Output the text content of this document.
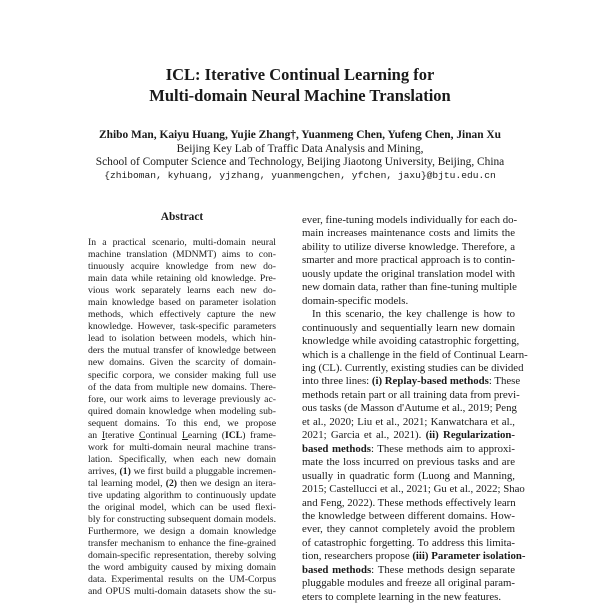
ICL: Iterative Continual Learning for
Multi-domain Neural Machine Translation
Zhibo Man, Kaiyu Huang, Yujie Zhang†, Yuanmeng Chen, Yufeng Chen, Jinan Xu
Beijing Key Lab of Traffic Data Analysis and Mining,
School of Computer Science and Technology, Beijing Jiaotong University, Beijing, China
{zhiboman, kyhuang, yjzhang, yuanmengchen, yfchen, jaxu}@bjtu.edu.cn
Abstract
In a practical scenario, multi-domain neural
machine translation (MDNMT) aims to con-
tinuously acquire knowledge from new do-
main data while retaining old knowledge. Pre-
vious work separately learns each new do-
main knowledge based on parameter isolation
methods, which effectively capture the new
knowledge. However, task-specific parameters
lead to isolation between models, which hin-
ders the mutual transfer of knowledge between
new domains. Given the scarcity of domain-
specific corpora, we consider making full use
of the data from multiple new domains. There-
fore, our work aims to leverage previously ac-
quired domain knowledge when modeling sub-
sequent domains. To this end, we propose
an Iterative Continual Learning (ICL) frame-
work for multi-domain neural machine trans-
lation. Specifically, when each new domain
arrives, (1) we first build a pluggable incremen-
tal learning model, (2) then we design an itera-
tive updating algorithm to continuously update
the original model, which can be used flexi-
bly for constructing subsequent domain models.
Furthermore, we design a domain knowledge
transfer mechanism to enhance the fine-grained
domain-specific representation, thereby solving
the word ambiguity caused by mixing domain
data. Experimental results on the UM-Corpus
and OPUS multi-domain datasets show the su-
ever, fine-tuning models individually for each do-
main increases maintenance costs and limits the
ability to utilize diverse knowledge. Therefore, a
smarter and more practical approach is to contin-
uously update the original translation model with
new domain data, rather than fine-tuning multiple
domain-specific models.
In this scenario, the key challenge is how to
continuously and sequentially learn new domain
knowledge while avoiding catastrophic forgetting,
which is a challenge in the field of Continual Learn-
ing (CL). Currently, existing studies can be divided
into three lines: (i) Replay-based methods: These
methods retain part or all training data from previ-
ous tasks (de Masson d'Autume et al., 2019; Peng
et al., 2020; Liu et al., 2021; Kanwatchara et al.,
2021; Garcia et al., 2021). (ii) Regularization-
based methods: These methods aim to approxi-
mate the loss incurred on previous tasks and are
usually in quadratic form (Luong and Manning,
2015; Castellucci et al., 2021; Gu et al., 2022; Shao
and Feng, 2022). These methods effectively learn
the knowledge between different domains. How-
ever, they cannot completely avoid the problem
of catastrophic forgetting. To address this limita-
tion, researchers propose (iii) Parameter isolation-
based methods: These methods design separate
pluggable modules and freeze all original param-
eters to complete learning in the new features.
